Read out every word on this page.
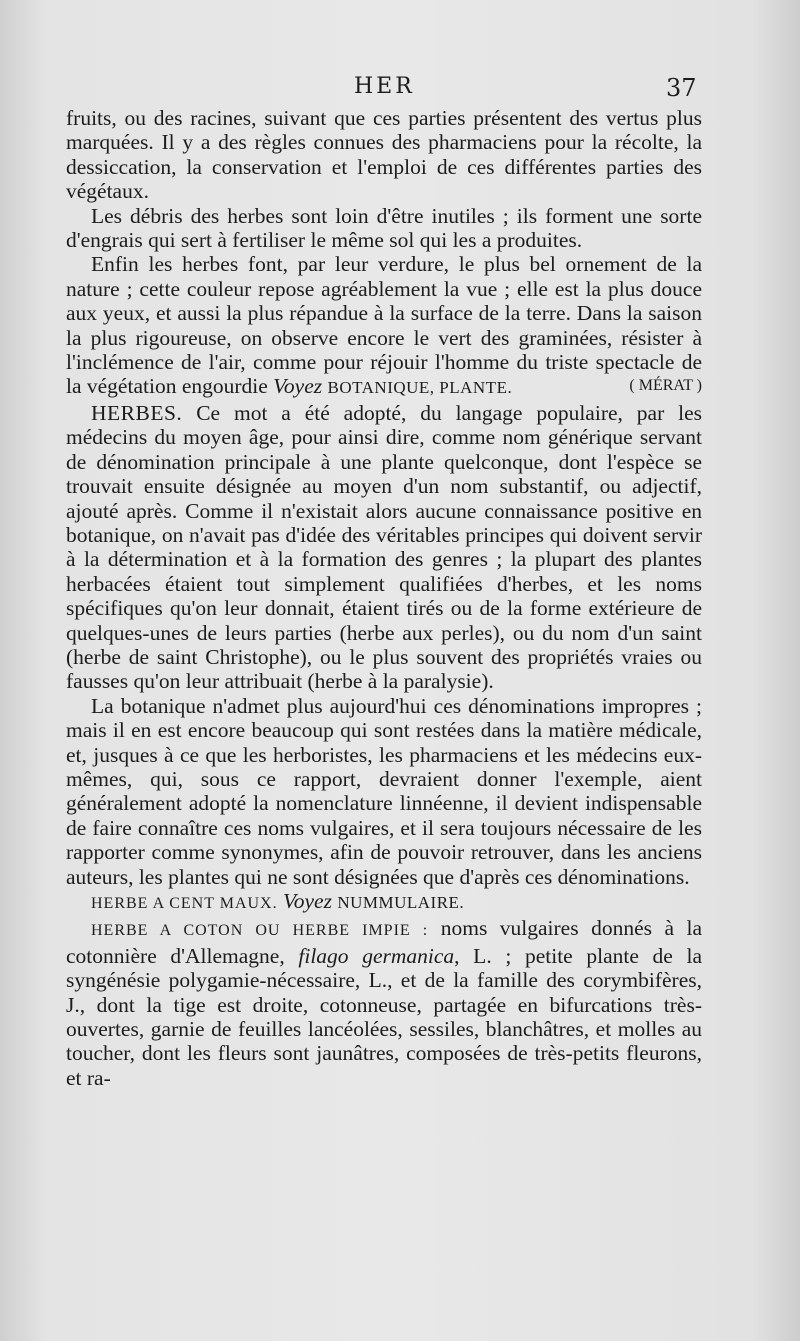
HER	37

fruits, ou des racines, suivant que ces parties présentent des vertus plus marquées. Il y a des règles connues des pharmaciens pour la récolte, la dessiccation, la conservation et l'emploi de ces différentes parties des végétaux.

Les débris des herbes sont loin d'être inutiles ; ils forment une sorte d'engrais qui sert à fertiliser le même sol qui les a produites.

Enfin les herbes font, par leur verdure, le plus bel ornement de la nature ; cette couleur repose agréablement la vue ; elle est la plus douce aux yeux, et aussi la plus répandue à la surface de la terre. Dans la saison la plus rigoureuse, on observe encore le vert des graminées, résister à l'inclémence de l'air, comme pour réjouir l'homme du triste spectacle de la végétation engourdie Voyez BOTANIQUE, PLANTE.	( MÉRAT )

HERBES. Ce mot a été adopté, du langage populaire, par les médecins du moyen âge, pour ainsi dire, comme nom générique servant de dénomination principale à une plante quelconque, dont l'espèce se trouvait ensuite désignée au moyen d'un nom substantif, ou adjectif, ajouté après. Comme il n'existait alors aucune connaissance positive en botanique, on n'avait pas d'idée des véritables principes qui doivent servir à la détermination et à la formation des genres ; la plupart des plantes herbacées étaient tout simplement qualifiées d'herbes, et les noms spécifiques qu'on leur donnait, étaient tirés ou de la forme extérieure de quelques-unes de leurs parties (herbe aux perles), ou du nom d'un saint (herbe de saint Christophe), ou le plus souvent des propriétés vraies ou fausses qu'on leur attribuait (herbe à la paralysie).

La botanique n'admet plus aujourd'hui ces dénominations impropres ; mais il en est encore beaucoup qui sont restées dans la matière médicale, et, jusques à ce que les herboristes, les pharmaciens et les médecins eux-mêmes, qui, sous ce rapport, devraient donner l'exemple, aient généralement adopté la nomenclature linnéenne, il devient indispensable de faire connaître ces noms vulgaires, et il sera toujours nécessaire de les rapporter comme synonymes, afin de pouvoir retrouver, dans les anciens auteurs, les plantes qui ne sont désignées que d'après ces dénominations.

HERBE A CENT MAUX. Voyez NUMMULAIRE.

HERBE A COTON OU HERBE IMPIE : noms vulgaires donnés à la cotonnière d'Allemagne, filago germanica, L. ; petite plante de la syngénésie polygamie-nécessaire, L., et de la famille des corymbifères, J., dont la tige est droite, cotonneuse, partagée en bifurcations très-ouvertes, garnie de feuilles lancéolées, sessiles, blanchâtres, et molles au toucher, dont les fleurs sont jaunâtres, composées de très-petits fleurons, et ra-
